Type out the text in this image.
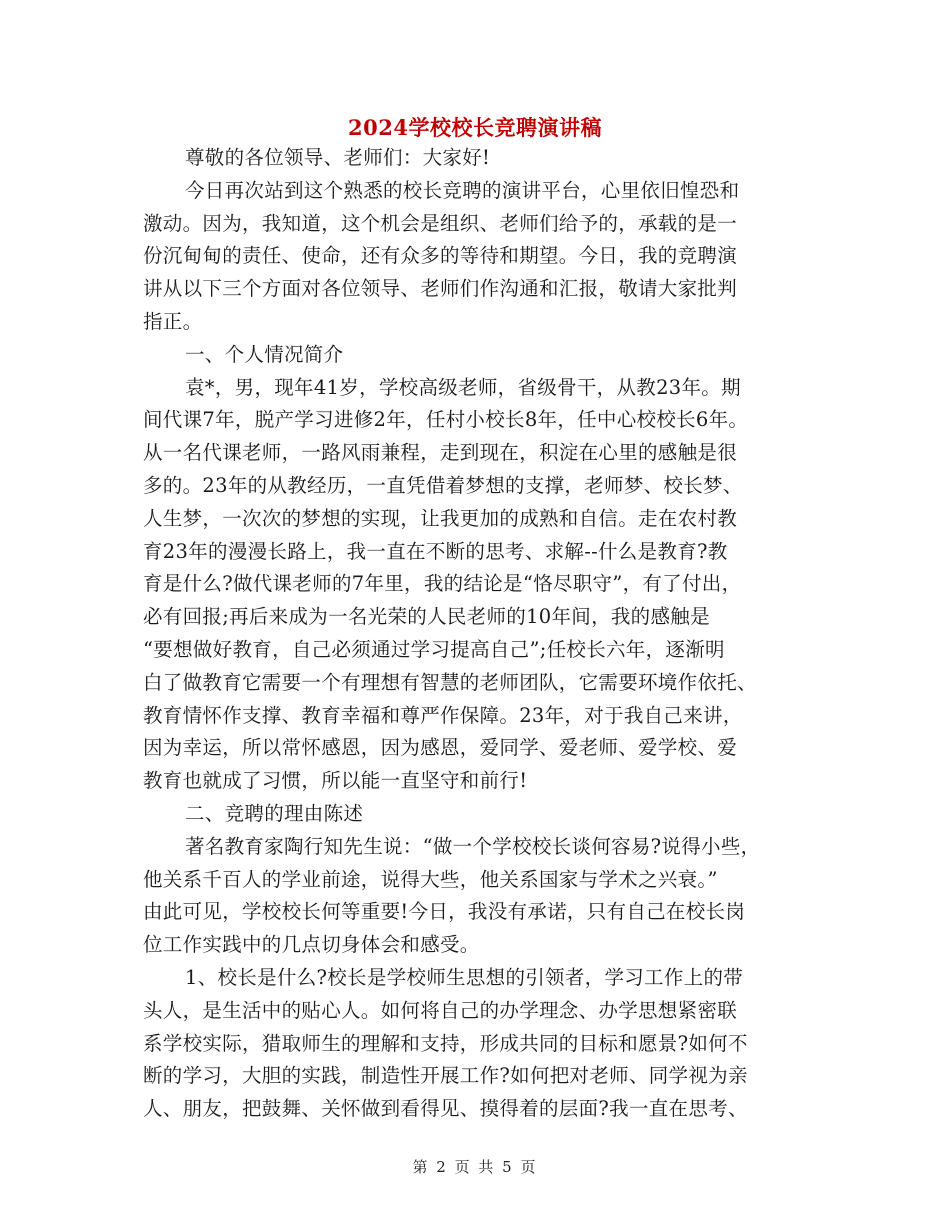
2024学校校长竞聘演讲稿
尊敬的各位领导、老师们：大家好!
今日再次站到这个熟悉的校长竞聘的演讲平台，心里依旧惶恐和
激动。因为，我知道，这个机会是组织、老师们给予的，承载的是一
份沉甸甸的责任、使命，还有众多的等待和期望。今日，我的竞聘演
讲从以下三个方面对各位领导、老师们作沟通和汇报，敬请大家批判
指正。
一、个人情况简介
袁*，男，现年41岁，学校高级老师，省级骨干，从教23年。期
间代课7年，脱产学习进修2年，任村小校长8年，任中心校校长6年。
从一名代课老师，一路风雨兼程，走到现在，积淀在心里的感触是很
多的。23年的从教经历，一直凭借着梦想的支撑，老师梦、校长梦、
人生梦，一次次的梦想的实现，让我更加的成熟和自信。走在农村教
育23年的漫漫长路上，我一直在不断的思考、求解--什么是教育?教
育是什么?做代课老师的7年里，我的结论是“恪尽职守”，有了付出，
必有回报;再后来成为一名光荣的人民老师的10年间，我的感触是
“要想做好教育，自己必须通过学习提高自己”;任校长六年，逐渐明
白了做教育它需要一个有理想有智慧的老师团队，它需要环境作依托、
教育情怀作支撑、教育幸福和尊严作保障。23年，对于我自己来讲，
因为幸运，所以常怀感恩，因为感恩，爱同学、爱老师、爱学校、爱
教育也就成了习惯，所以能一直坚守和前行!
二、竞聘的理由陈述
著名教育家陶行知先生说：“做一个学校校长谈何容易?说得小些，
他关系千百人的学业前途，说得大些，他关系国家与学术之兴衰。”
由此可见，学校校长何等重要!今日，我没有承诺，只有自己在校长岗
位工作实践中的几点切身体会和感受。
1、校长是什么?校长是学校师生思想的引领者，学习工作上的带
头人，是生活中的贴心人。如何将自己的办学理念、办学思想紧密联
系学校实际，猎取师生的理解和支持，形成共同的目标和愿景?如何不
断的学习，大胆的实践，制造性开展工作?如何把对老师、同学视为亲
人、朋友，把鼓舞、关怀做到看得见、摸得着的层面?我一直在思考、
第 2 页 共 5 页
